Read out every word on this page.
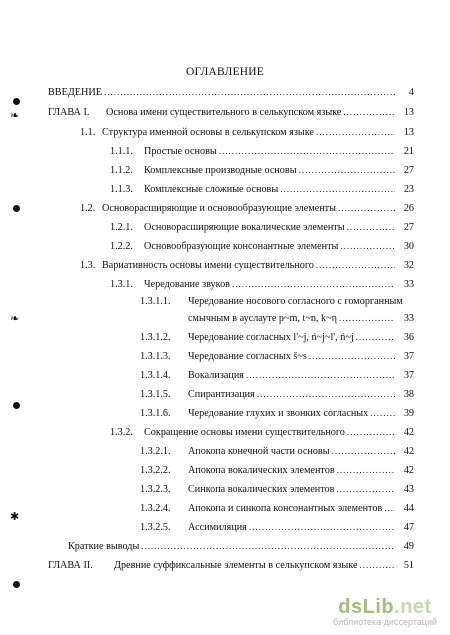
ОГЛАВЛЕНИЕ
ВВЕДЕНИЕ .....	4
ГЛАВА I.	Основа имени существительного в селькупском языке .....	13
1.1. Структура именной основы в селькупском языке .....	13
1.1.1.	Простые основы .....	21
1.1.2.	Комплексные производные основы .....	27
1.1.3.	Комплексные сложные основы .....	23
1.2. Основорасширяющие и основообразующие элементы .....	26
1.2.1.	Основорасширяющие вокалические элементы .....	27
1.2.2.	Основообразующие консонантные элементы .....	30
1.3. Вариативность основы имени существительного .....	32
1.3.1.	Чередование звуков .....	33
1.3.1.1. Чередование носового согласного с гоморганным
смычным в ауслауте p~m, t~n, k~η .....	33
1.3.1.2.	Чередование согласных l'~j, ń~j~l', ń~j .....	36
1.3.1.3.	Чередование согласных š~s .....	37
1.3.1.4.	Вокализация .....	37
1.3.1.5.	Спирантизация .....	38
1.3.1.6.	Чередование глухих и звонких согласных .....	39
1.3.2.	Сокращение основы имени существительного .....	42
1.3.2.1.	Апокопа конечной части основы .....	42
1.3.2.2.	Апокопа вокалических элементов .....	42
1.3.2.3.	Синкопа вокалических элементов .....	43
1.3.2.4.	Апокопа и синкопа консонантных элементов .....	44
1.3.2.5.	Ассимиляция .....	47
Краткие выводы .....	49
ГЛАВА II.	Древние суффиксальные элементы в селькупском языке .....	51
❧
❧
✱
dsLib.net
библиотека диссертаций
